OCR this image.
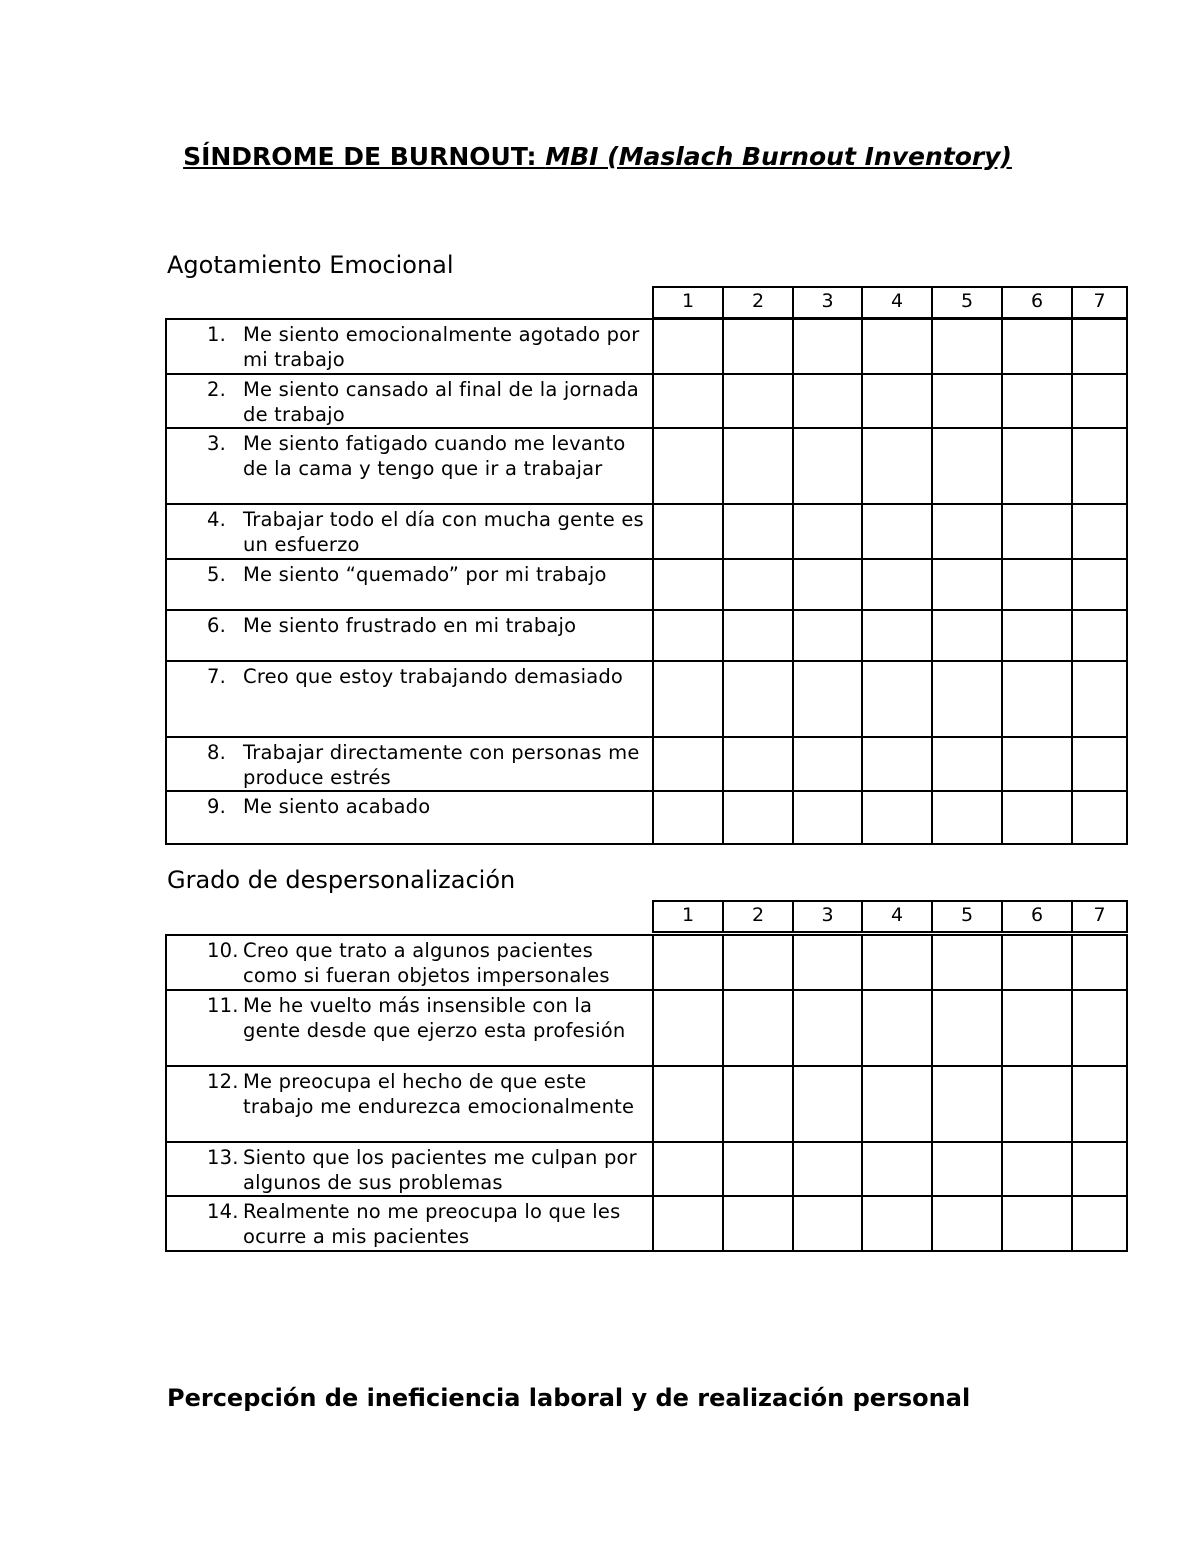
SÍNDROME DE BURNOUT: MBI (Maslach Burnout Inventory)
Agotamiento Emocional
1	2	3	4	5	6	7
1. Me siento emocionalmente agotado por mi trabajo							

2. Me siento cansado al final de la jornada de trabajo							

3. Me siento fatigado cuando me levanto de la cama y tengo que ir a trabajar							

4. Trabajar todo el día con mucha gente es un esfuerzo							

5. Me siento “quemado” por mi trabajo							

6. Me siento frustrado en mi trabajo							

7. Creo que estoy trabajando demasiado							

8. Trabajar directamente con personas me produce estrés							

9. Me siento acabado							

Grado de despersonalización
1	2	3	4	5	6	7
10. Creo que trato a algunos pacientes como si fueran objetos impersonales							

11. Me he vuelto más insensible con la gente desde que ejerzo esta profesión							

12. Me preocupa el hecho de que este trabajo me endurezca emocionalmente							

13. Siento que los pacientes me culpan por algunos de sus problemas							

14. Realmente no me preocupa lo que les ocurre a mis pacientes							

Percepción de ineficiencia laboral y de realización personal
